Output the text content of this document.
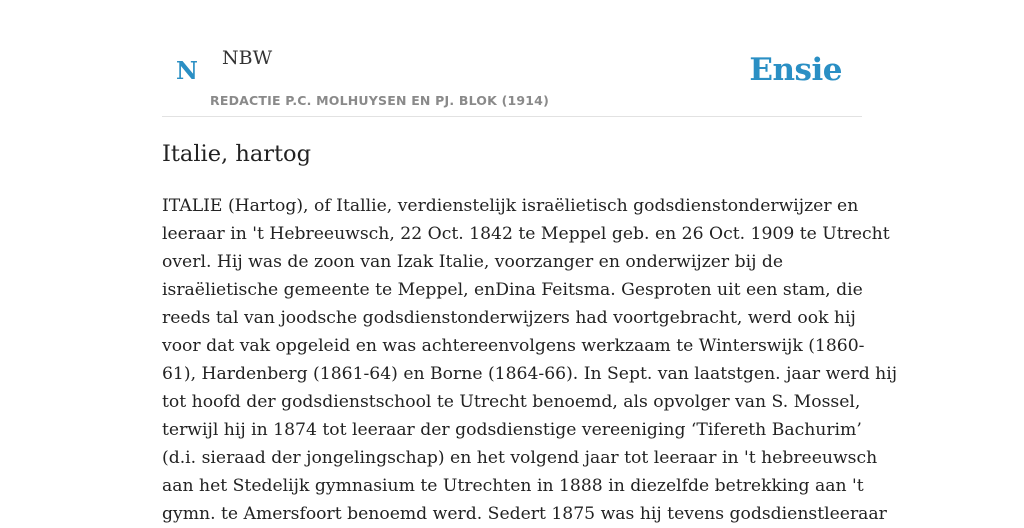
N NBW
REDACTIE P.C. MOLHUYSEN EN PJ. BLOK (1914)
Ensie
Italie, hartog

ITALIE (Hartog), of Itallie, verdienstelijk israëlietisch godsdienstonderwijzer en
leeraar in 't Hebreeuwsch, 22 Oct. 1842 te Meppel geb. en 26 Oct. 1909 te Utrecht
overl. Hij was de zoon van Izak Italie, voorzanger en onderwijzer bij de
israëlietische gemeente te Meppel, enDina Feitsma. Gesproten uit een stam, die
reeds tal van joodsche godsdienstonderwijzers had voortgebracht, werd ook hij
voor dat vak opgeleid en was achtereenvolgens werkzaam te Winterswijk (1860-
61), Hardenberg (1861-64) en Borne (1864-66). In Sept. van laatstgen. jaar werd hij
tot hoofd der godsdienstschool te Utrecht benoemd, als opvolger van S. Mossel,
terwijl hij in 1874 tot leeraar der godsdienstige vereeniging ‘Tifereth Bachurim’
(d.i. sieraad der jongelingschap) en het volgend jaar tot leeraar in 't hebreeuwsch
aan het Stedelijk gymnasium te Utrechten in 1888 in diezelfde betrekking aan 't
gymn. te Amersfoort benoemd werd. Sedert 1875 was hij tevens godsdienstleeraar
